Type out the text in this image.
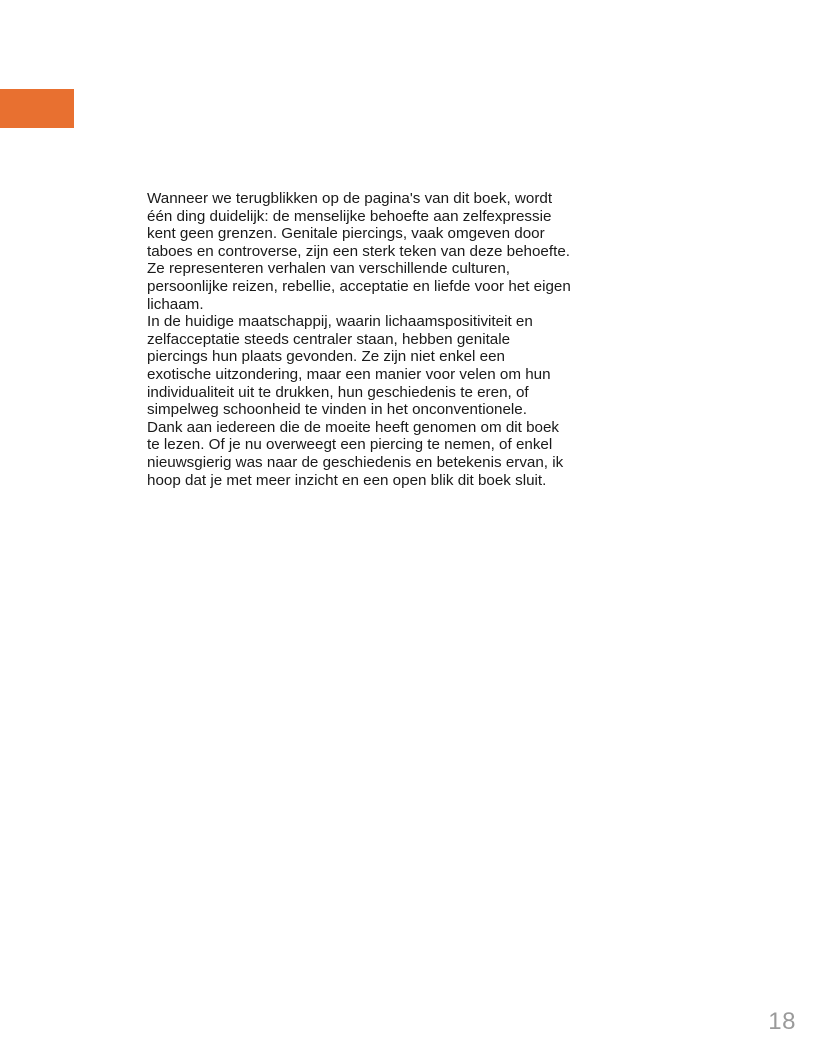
Wanneer we terugblikken op de pagina's van dit boek, wordt
één ding duidelijk: de menselijke behoefte aan zelfexpressie
kent geen grenzen. Genitale piercings, vaak omgeven door
taboes en controverse, zijn een sterk teken van deze behoefte.
Ze representeren verhalen van verschillende culturen,
persoonlijke reizen, rebellie, acceptatie en liefde voor het eigen
lichaam.

In de huidige maatschappij, waarin lichaamspositiviteit en
zelfacceptatie steeds centraler staan, hebben genitale
piercings hun plaats gevonden. Ze zijn niet enkel een
exotische uitzondering, maar een manier voor velen om hun
individualiteit uit te drukken, hun geschiedenis te eren, of
simpelweg schoonheid te vinden in het onconventionele.

Dank aan iedereen die de moeite heeft genomen om dit boek
te lezen. Of je nu overweegt een piercing te nemen, of enkel
nieuwsgierig was naar de geschiedenis en betekenis ervan, ik
hoop dat je met meer inzicht en een open blik dit boek sluit.

18
